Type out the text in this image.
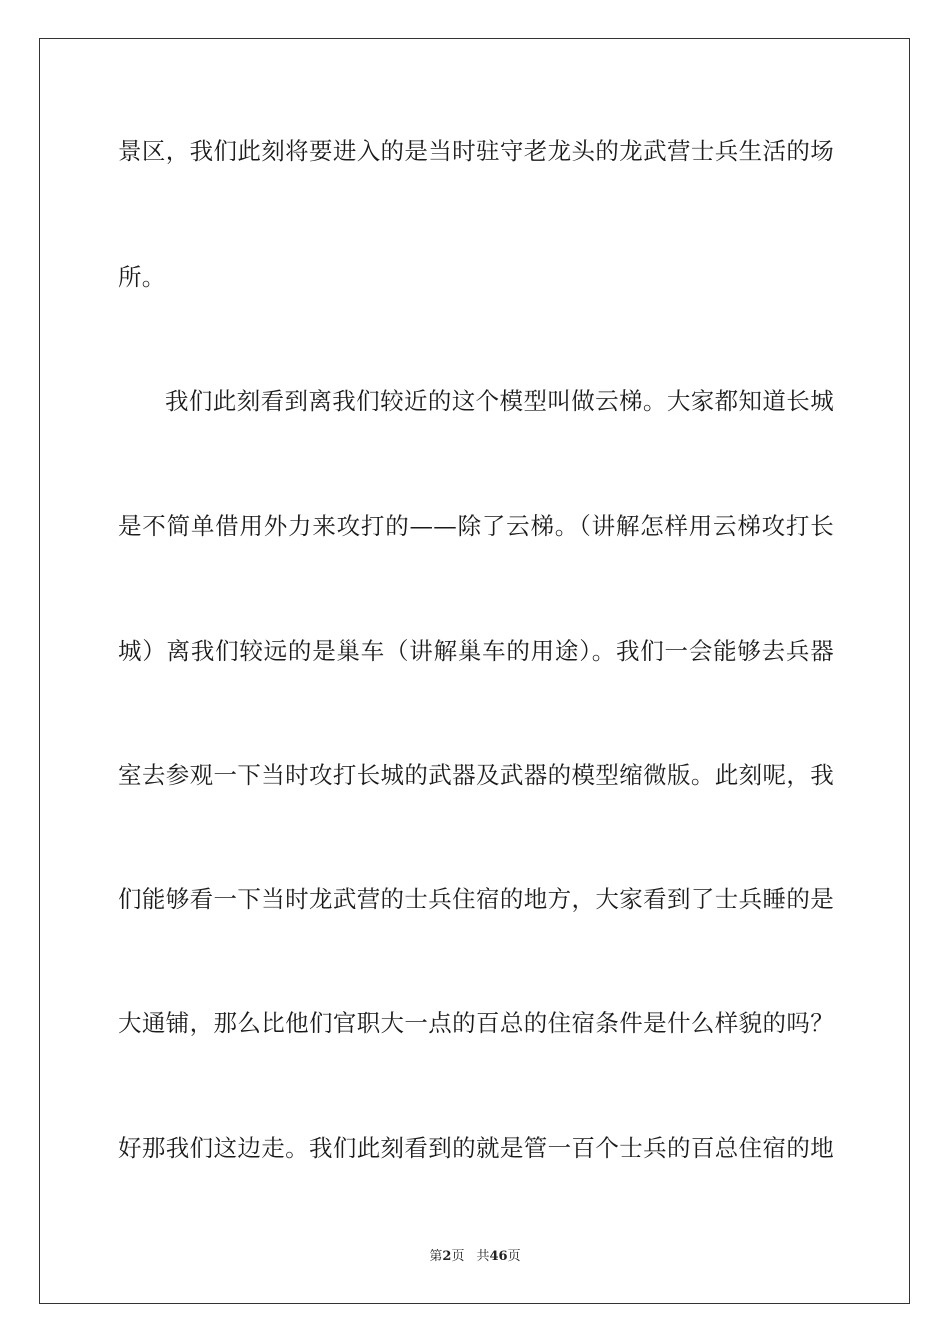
景区，我们此刻将要进入的是当时驻守老龙头的龙武营士兵生活的场
所。
我们此刻看到离我们较近的这个模型叫做云梯。大家都知道长城
是不简单借用外力来攻打的——除了云梯。（讲解怎样用云梯攻打长
城）离我们较远的是巢车（讲解巢车的用途）。我们一会能够去兵器
室去参观一下当时攻打长城的武器及武器的模型缩微版。此刻呢，我
们能够看一下当时龙武营的士兵住宿的地方，大家看到了士兵睡的是
大通铺，那么比他们官职大一点的百总的住宿条件是什么样貌的吗？
好那我们这边走。我们此刻看到的就是管一百个士兵的百总住宿的地
第2页 共46页
